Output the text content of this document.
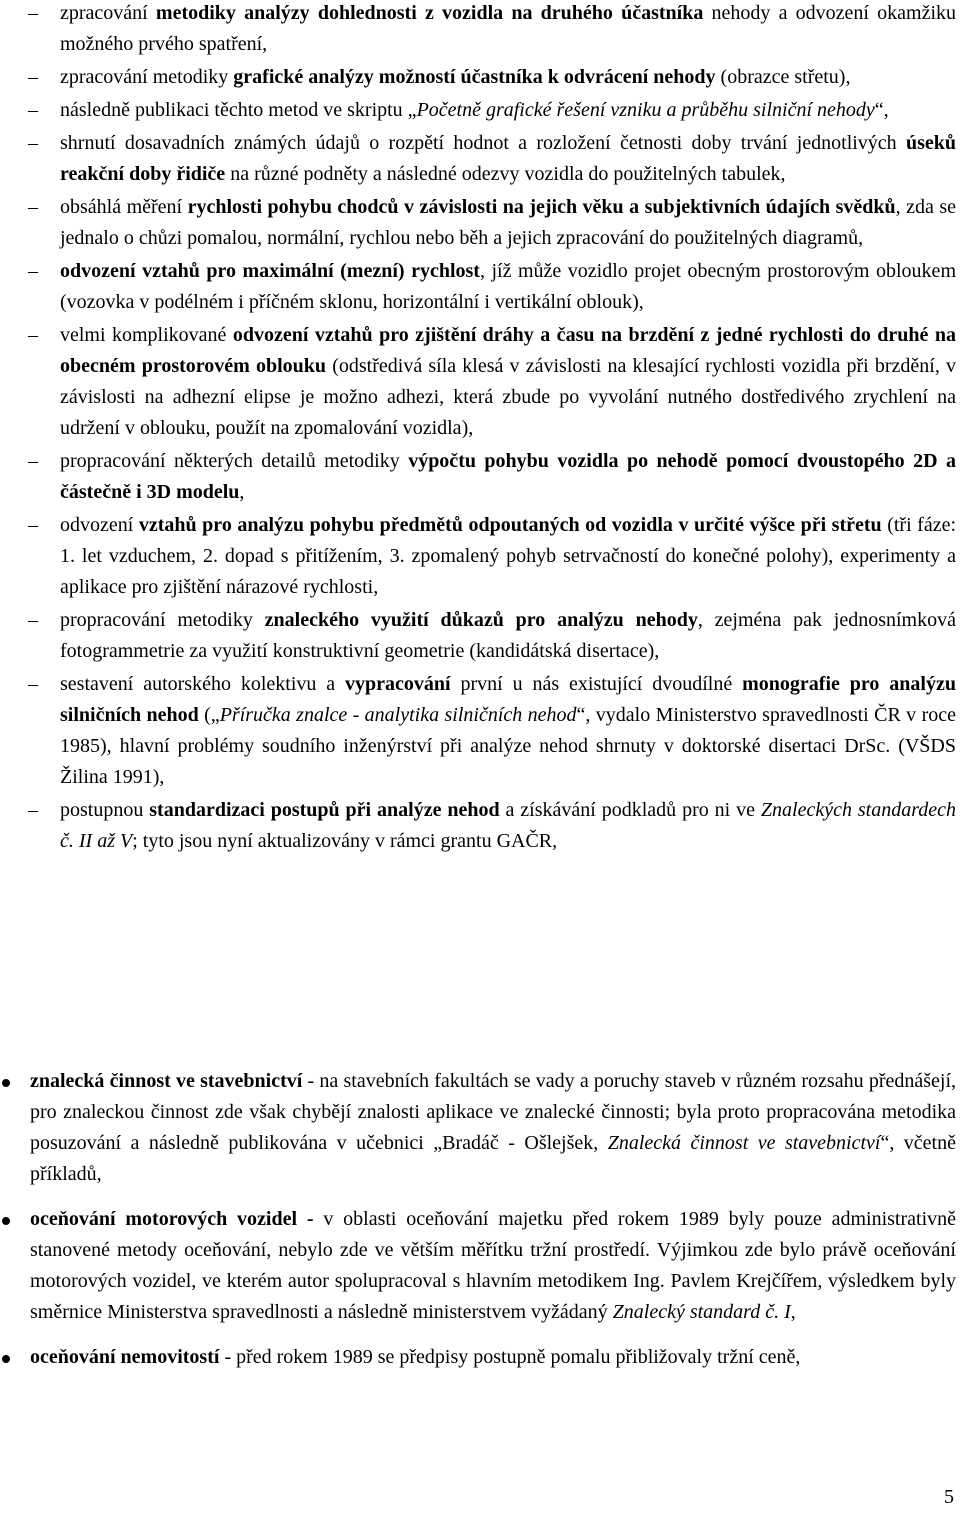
–	zpracování metodiky analýzy dohlednosti z vozidla na druhého účastníka nehody a odvození okamžiku možného prvého spatření,
–	zpracování metodiky grafické analýzy možností účastníka k odvrácení nehody (obrazce střetu),
–	následně publikaci těchto metod ve skriptu „Početně grafické řešení vzniku a průběhu silniční nehody“,
–	shrnutí dosavadních známých údajů o rozpětí hodnot a rozložení četnosti doby trvání jednotlivých úseků reakční doby řidiče na různé podněty a následné odezvy vozidla do použitelných tabulek,
–	obsáhlá měření rychlosti pohybu chodců v závislosti na jejich věku a subjektivních údajích svědků, zda se jednalo o chůzi pomalou, normální, rychlou nebo běh a jejich zpracování do použitelných diagramů,
–	odvození vztahů pro maximální (mezní) rychlost, jíž může vozidlo projet obecným prostorovým obloukem (vozovka v podélném i příčném sklonu, horizontální i vertikální oblouk),
–	velmi komplikované odvození vztahů pro zjištění dráhy a času na brzdění z jedné rychlosti do druhé na obecném prostorovém oblouku (odstředivá síla klesá v závislosti na klesající rychlosti vozidla při brzdění, v závislosti na adhezní elipse je možno adhezi, která zbude po vyvolání nutného dostředivého zrychlení na udržení v oblouku, použít na zpomalování vozidla),
–	propracování některých detailů metodiky výpočtu pohybu vozidla po nehodě pomocí dvoustopého 2D a částečně i 3D modelu,
–	odvození vztahů pro analýzu pohybu předmětů odpoutaných od vozidla v určité výšce při střetu (tři fáze: 1. let vzduchem, 2. dopad s přitížením, 3. zpomalený pohyb setrvačností do konečné polohy), experimenty a aplikace pro zjištění nárazové rychlosti,
–	propracování metodiky znaleckého využití důkazů pro analýzu nehody, zejména pak jednosnímková fotogrammetrie za využití konstruktivní geometrie (kandidátská disertace),
–	sestavení autorského kolektivu a vypracování první u nás existující dvoudílné monografie pro analýzu silničních nehod („Příručka znalce - analytika silničních nehod“, vydalo Ministerstvo spravedlnosti ČR v roce 1985), hlavní problémy soudního inženýrství při analýze nehod shrnuty v doktorské disertaci DrSc. (VŠDS Žilina 1991),
–	postupnou standardizaci postupů při analýze nehod a získávání podkladů pro ni ve Znaleckých standardech č. II až V; tyto jsou nyní aktualizovány v rámci grantu GAČR,
znalecká činnost ve stavebnictví - na stavebních fakultách se vady a poruchy staveb v různém rozsahu přednášejí, pro znaleckou činnost zde však chybějí znalosti aplikace ve znalecké činnosti; byla proto propracována metodika posuzování a následně publikována v učebnici „Bradáč - Ošlejšek, Znalecká činnost ve stavebnictví“, včetně příkladů,
oceňování motorových vozidel - v oblasti oceňování majetku před rokem 1989 byly pouze administrativně stanovené metody oceňování, nebylo zde ve větším měřítku tržní prostředí. Výjimkou zde bylo právě oceňování motorových vozidel, ve kterém autor spolupracoval s hlavním metodikem Ing. Pavlem Krejčířem, výsledkem byly směrnice Ministerstva spravedlnosti a následně ministerstvem vyžádaný Znalecký standard č. I,
oceňování nemovitostí - před rokem 1989 se předpisy postupně pomalu přibližovaly tržní ceně,
5
